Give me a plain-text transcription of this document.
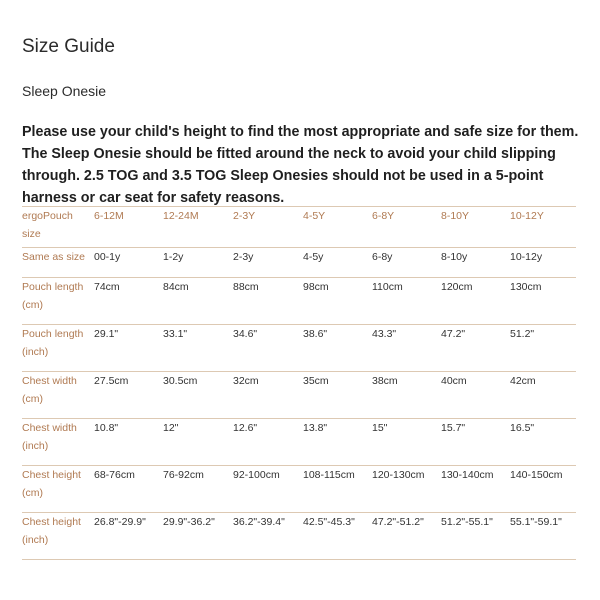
Size Guide
Sleep Onesie
Please use your child's height to find the most appropriate and safe size for them. The Sleep Onesie should be fitted around the neck to avoid your child slipping through. 2.5 TOG and 3.5 TOG Sleep Onesies should not be used in a 5-point harness or car seat for safety reasons.
ergoPouch size	6-12M	12-24M	2-3Y	4-5Y	6-8Y	8-10Y	10-12Y
Same as size	00-1y	1-2y	2-3y	4-5y	6-8y	8-10y	10-12y
Pouch length (cm)	74cm	84cm	88cm	98cm	110cm	120cm	130cm
Pouch length (inch)	29.1"	33.1"	34.6"	38.6"	43.3"	47.2"	51.2"
Chest width (cm)	27.5cm	30.5cm	32cm	35cm	38cm	40cm	42cm
Chest width (inch)	10.8"	12"	12.6"	13.8"	15"	15.7"	16.5"
Chest height (cm)	68-76cm	76-92cm	92-100cm	108-115cm	120-130cm	130-140cm	140-150cm
Chest height (inch)	26.8"-29.9"	29.9"-36.2"	36.2"-39.4"	42.5"-45.3"	47.2"-51.2"	51.2"-55.1"	55.1"-59.1"
